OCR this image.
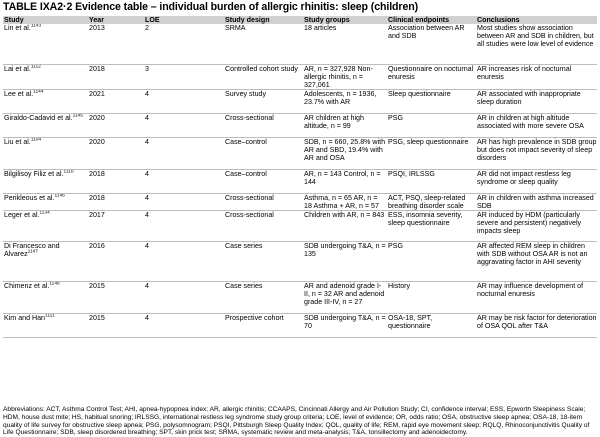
TABLE IXA2·2 Evidence table – individual burden of allergic rhinitis: sleep (children)
Study	Year	LOE	Study design	Study groups	Clinical endpoints	Conclusions
Lin et al.$^{1143}$	2013	2	SRMA	18 articles	Association between AR and SDB	Most studies show association between AR and SDB in children, but all studies were low level of evidence
Lai et al.$^{1112}$	2018	3	Controlled cohort study	AR, n = 327,928 Non-allergic rhinitis, n = 327,061	Questionnaire on nocturnal enuresis	AR increases risk of nocturnal enuresis
Lee et al.$^{1144}$	2021	4	Survey study	Adolescents, n = 1936, 23.7% with AR	Sleep questionnaire	AR associated with inappropriate sleep duration
Giraldo-Cadavid et al.$^{1145}$	2020	4	Cross-sectional	AR children at high altitude, n = 99	PSG	AR in children at high altitude associated with more severe OSA
Liu et al.$^{1104}$	2020	4	Case–control	SDB, n = 660, 25.8% with AR and SBD, 19.4% with AR and OSA	PSG, sleep questionnaire	AR has high prevalence in SDB group but does not impact severity of sleep disorders
Bilgilisoy Filiz et al.$^{1110}$	2018	4	Case–control	AR, n = 143 Control, n = 144	PSQI, IRLSSG	AR did not impact restless leg syndrome or sleep quality
Perikleous et al.$^{1146}$	2018	4	Cross-sectional	Asthma, n = 65 AR, n = 18 Asthma + AR, n = 57	ACT, PSQ, sleep-related breathing disorder scale	AR in children with asthma increased SDB
Leger et al.$^{1134}$	2017	4	Cross-sectional	Children with AR, n = 843	ESS, insomnia severity, sleep questionnaire	AR induced by HDM (particularly severe and persistent) negatively impacts sleep
Di Francesco and Alvarez$^{1147}$	2016	4	Case series	SDB undergoing T&A, n = 135	PSG	AR affected REM sleep in children with SDB without OSA AR is not an aggravating factor in AHI severity
Chimenz et al.$^{1148}$	2015	4	Case series	AR and adenoid grade I-II, n = 32 AR and adenoid grade III-IV, n = 27	History	AR may influence development of nocturnal enuresis
Kim and Han$^{1111}$	2015	4	Prospective cohort	SDB undergoing T&A, n = 70	OSA-18, SPT, questionnaire	AR may be risk factor for deterioration of OSA QOL after T&A
Abbreviations: ACT, Asthma Control Test; AHI, apnea-hypopnea index; AR, allergic rhinitis; CCAAPS, Cincinnati Allergy and Air Pollution Study; CI, confidence interval; ESS, Epworth Sleepiness Scale; HDM, house dust mite; HS, habitual snoring; IRLSSG, international restless leg syndrome study group criteria; LOE, level of evidence; OR, odds ratio; OSA, obstructive sleep apnea; OSA-18, 18-item quality of life survey for obstructive sleep apnea; PSG, polysomnogram; PSQI, Pittsburgh Sleep Quality Index; QOL, quality of life; REM, rapid eye movement sleep; RQLQ, Rhinoconjunctivitis Quality of Life Questionnaire; SDB, sleep disordered breathing; SPT, skin prick test; SRMA, systematic review and meta-analysis; T&A, tonsillectomy and adenoidectomy.
